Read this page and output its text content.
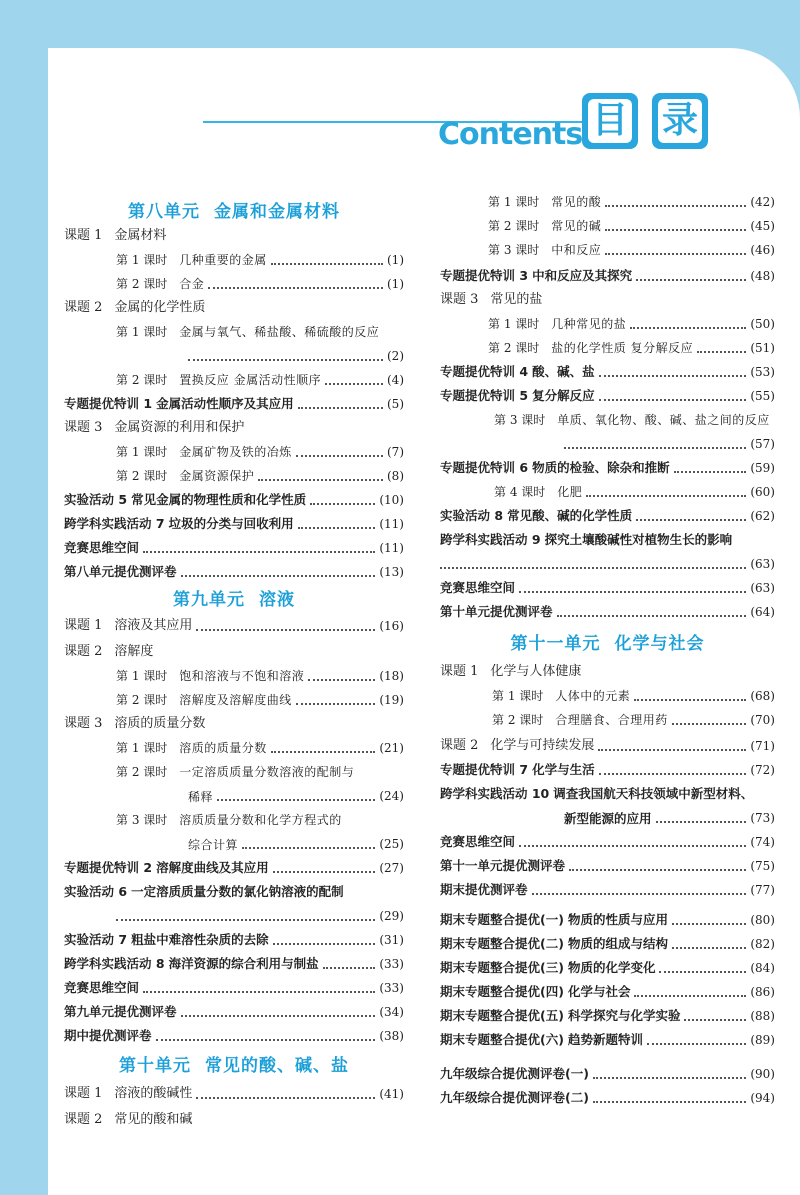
Contents 目 录
第八单元 金属和金属材料
课题 1 金属材料
第 1 课时 几种重要的金属	(1)
第 2 课时 合金	(1)
课题 2 金属的化学性质
第 1 课时 金属与氧气、稀盐酸、稀硫酸的反应
(2)
第 2 课时 置换反应 金属活动性顺序	(4)
专题提优特训 1 金属活动性顺序及其应用	(5)
课题 3 金属资源的利用和保护
第 1 课时 金属矿物及铁的冶炼	(7)
第 2 课时 金属资源保护	(8)
实验活动 5 常见金属的物理性质和化学性质	(10)
跨学科实践活动 7 垃圾的分类与回收利用	(11)
竞赛思维空间	(11)
第八单元提优测评卷	(13)
第九单元 溶液
课题 1 溶液及其应用	(16)
课题 2 溶解度
第 1 课时 饱和溶液与不饱和溶液	(18)
第 2 课时 溶解度及溶解度曲线	(19)
课题 3 溶质的质量分数
第 1 课时 溶质的质量分数	(21)
第 2 课时 一定溶质质量分数溶液的配制与
稀释	(24)
第 3 课时 溶质质量分数和化学方程式的
综合计算	(25)
专题提优特训 2 溶解度曲线及其应用	(27)
实验活动 6 一定溶质质量分数的氯化钠溶液的配制
(29)
实验活动 7 粗盐中难溶性杂质的去除	(31)
跨学科实践活动 8 海洋资源的综合利用与制盐	(33)
竞赛思维空间	(33)
第九单元提优测评卷	(34)
期中提优测评卷	(38)
第十单元 常见的酸、碱、盐
课题 1 溶液的酸碱性	(41)
课题 2 常见的酸和碱
第 1 课时 常见的酸	(42)
第 2 课时 常见的碱	(45)
第 3 课时 中和反应	(46)
专题提优特训 3 中和反应及其探究	(48)
课题 3 常见的盐
第 1 课时 几种常见的盐	(50)
第 2 课时 盐的化学性质 复分解反应	(51)
专题提优特训 4 酸、碱、盐	(53)
专题提优特训 5 复分解反应	(55)
第 3 课时 单质、氧化物、酸、碱、盐之间的反应
(57)
专题提优特训 6 物质的检验、除杂和推断	(59)
第 4 课时 化肥	(60)
实验活动 8 常见酸、碱的化学性质	(62)
跨学科实践活动 9 探究土壤酸碱性对植物生长的影响
(63)
竞赛思维空间	(63)
第十单元提优测评卷	(64)
第十一单元 化学与社会
课题 1 化学与人体健康
第 1 课时 人体中的元素	(68)
第 2 课时 合理膳食、合理用药	(70)
课题 2 化学与可持续发展	(71)
专题提优特训 7 化学与生活	(72)
跨学科实践活动 10 调查我国航天科技领域中新型材料、
新型能源的应用	(73)
竞赛思维空间	(74)
第十一单元提优测评卷	(75)
期末提优测评卷	(77)
期末专题整合提优(一) 物质的性质与应用	(80)
期末专题整合提优(二) 物质的组成与结构	(82)
期末专题整合提优(三) 物质的化学变化	(84)
期末专题整合提优(四) 化学与社会	(86)
期末专题整合提优(五) 科学探究与化学实验	(88)
期末专题整合提优(六) 趋势新题特训	(89)
九年级综合提优测评卷(一)	(90)
九年级综合提优测评卷(二)	(94)
